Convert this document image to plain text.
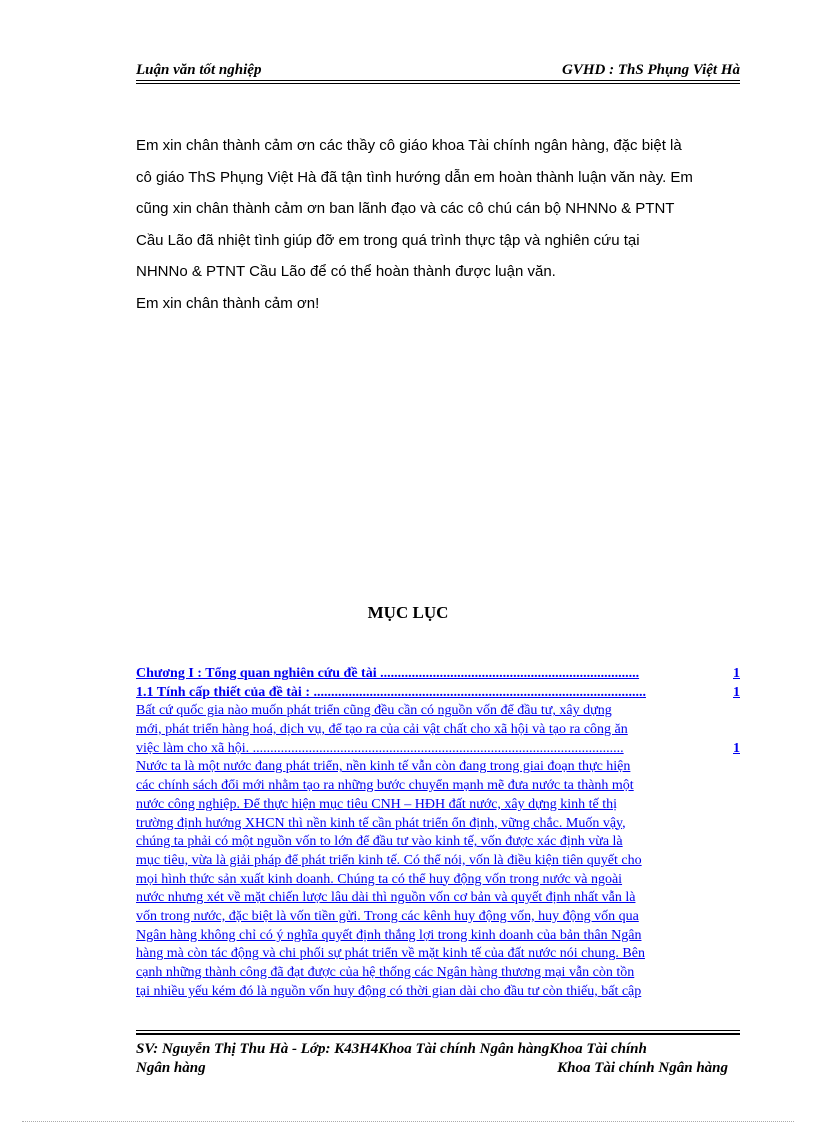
Luận văn tốt nghiệp	GVHD : ThS Phụng Việt Hà

Em xin chân thành cảm ơn các thầy cô giáo khoa Tài chính ngân hàng, đặc biệt là

cô giáo ThS Phụng Việt Hà đã tận tình hướng dẫn em hoàn thành luận văn này. Em

cũng xin chân thành cảm ơn ban lãnh đạo và các cô chú cán bộ NHNNo & PTNT

Cầu Lão đã nhiệt tình giúp đỡ em trong quá trình thực tập và nghiên cứu tại

NHNNo & PTNT Cầu Lão để có thể hoàn thành được luận văn.

Em xin chân thành cảm ơn!

MỤC LỤC
Chương I : Tổng quan nghiên cứu đề tài ..........................................................................	1
1.1 Tính cấp thiết của đề tài : ...............................................................................................	1
Bất cứ quốc gia nào muốn phát triển cũng đều cần có nguồn vốn để đầu tư, xây dựng
mới, phát triển hàng hoá, dịch vụ, để tạo ra của cải vật chất cho xã hội và tạo ra công ăn
việc làm cho xã hội. ..........................................................................................................	1
Nước ta là một nước đang phát triển, nền kinh tế vẫn còn đang trong giai đoạn thực hiện
các chính sách đổi mới nhằm tạo ra những bước chuyển mạnh mẽ đưa nước ta thành một
nước công nghiệp. Để thực hiện mục tiêu CNH – HĐH đất nước, xây dựng kinh tế thị
trường định hướng XHCN thì nền kinh tế cần phát triển ổn định, vững chắc. Muốn vậy,
chúng ta phải có một nguồn vốn to lớn để đầu tư vào kinh tế, vốn được xác định vừa là
mục tiêu, vừa là giải pháp để phát triển kinh tế. Có thể nói, vốn là điều kiện tiên quyết cho
mọi hình thức sản xuất kinh doanh. Chúng ta có thể huy động vốn trong nước và ngoài
nước nhưng xét về mặt chiến lược lâu dài thì nguồn vốn cơ bản và quyết định nhất vẫn là
vốn trong nước, đặc biệt là vốn tiền gửi. Trong các kênh huy động vốn, huy động vốn qua
Ngân hàng không chỉ có ý nghĩa quyết định thắng lợi trong kinh doanh của bản thân Ngân
hàng mà còn tác động và chi phối sự phát triển về mặt kinh tế của đất nước nói chung. Bên
cạnh những thành công đã đạt được của hệ thống các Ngân hàng thương mại vẫn còn tồn
tại nhiều yếu kém đó là nguồn vốn huy động có thời gian dài cho đầu tư còn thiếu, bất cập
SV: Nguyễn Thị Thu Hà - Lớp: K43H4Khoa Tài chính Ngân hàngKhoa Tài chính
Ngân hàng	Khoa Tài chính Ngân hàng
